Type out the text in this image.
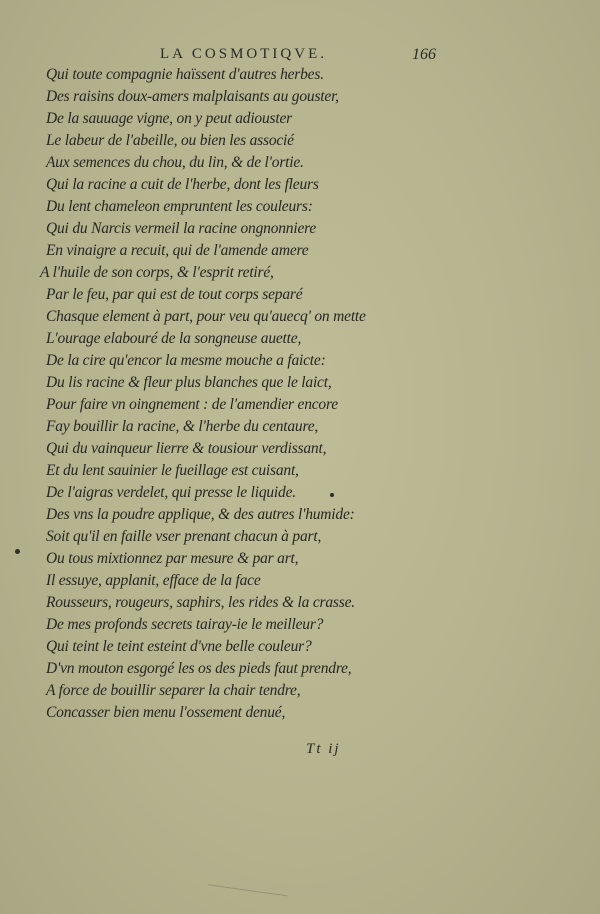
LA COSMOTIQVE.	166
Qui toute compagnie haïssent d'autres herbes.
Des raisins doux-amers malplaisants au gouster,
De la sauuage vigne, on y peut adiouster
Le labeur de l'abeille, ou bien les associé
Aux semences du chou, du lin, & de l'ortie.
Qui la racine a cuit de l'herbe, dont les fleurs
Du lent chameleon empruntent les couleurs:
Qui du Narcis vermeil la racine ongnonniere
En vinaigre a recuit, qui de l'amende amere
A l'huile de son corps, & l'esprit retiré,
Par le feu, par qui est de tout corps separé
Chasque element à part, pour veu qu'auecq' on mette
L'ourage elabouré de la songneuse auette,
De la cire qu'encor la mesme mouche a faicte:
Du lis racine & fleur plus blanches que le laict,
Pour faire vn oingnement : de l'amendier encore
Fay bouillir la racine, & l'herbe du centaure,
Qui du vainqueur lierre & tousiour verdissant,
Et du lent sauinier le fueillage est cuisant,
De l'aigras verdelet, qui presse le liquide.
Des vns la poudre applique, & des autres l'humide:
Soit qu'il en faille vser prenant chacun à part,
Ou tous mixtionnez par mesure & par art,
Il essuye, applanit, efface de la face
Roussеurs, rougeurs, saphirs, les rides & la crasse.
De mes profonds secrets tairay-ie le meilleur?
Qui teint le teint esteint d'vne belle couleur?
D'vn mouton esgorgé les os des pieds faut prendre,
A force de bouillir separer la chair tendre,
Concasser bien menu l'ossement denué,
Tt ij
